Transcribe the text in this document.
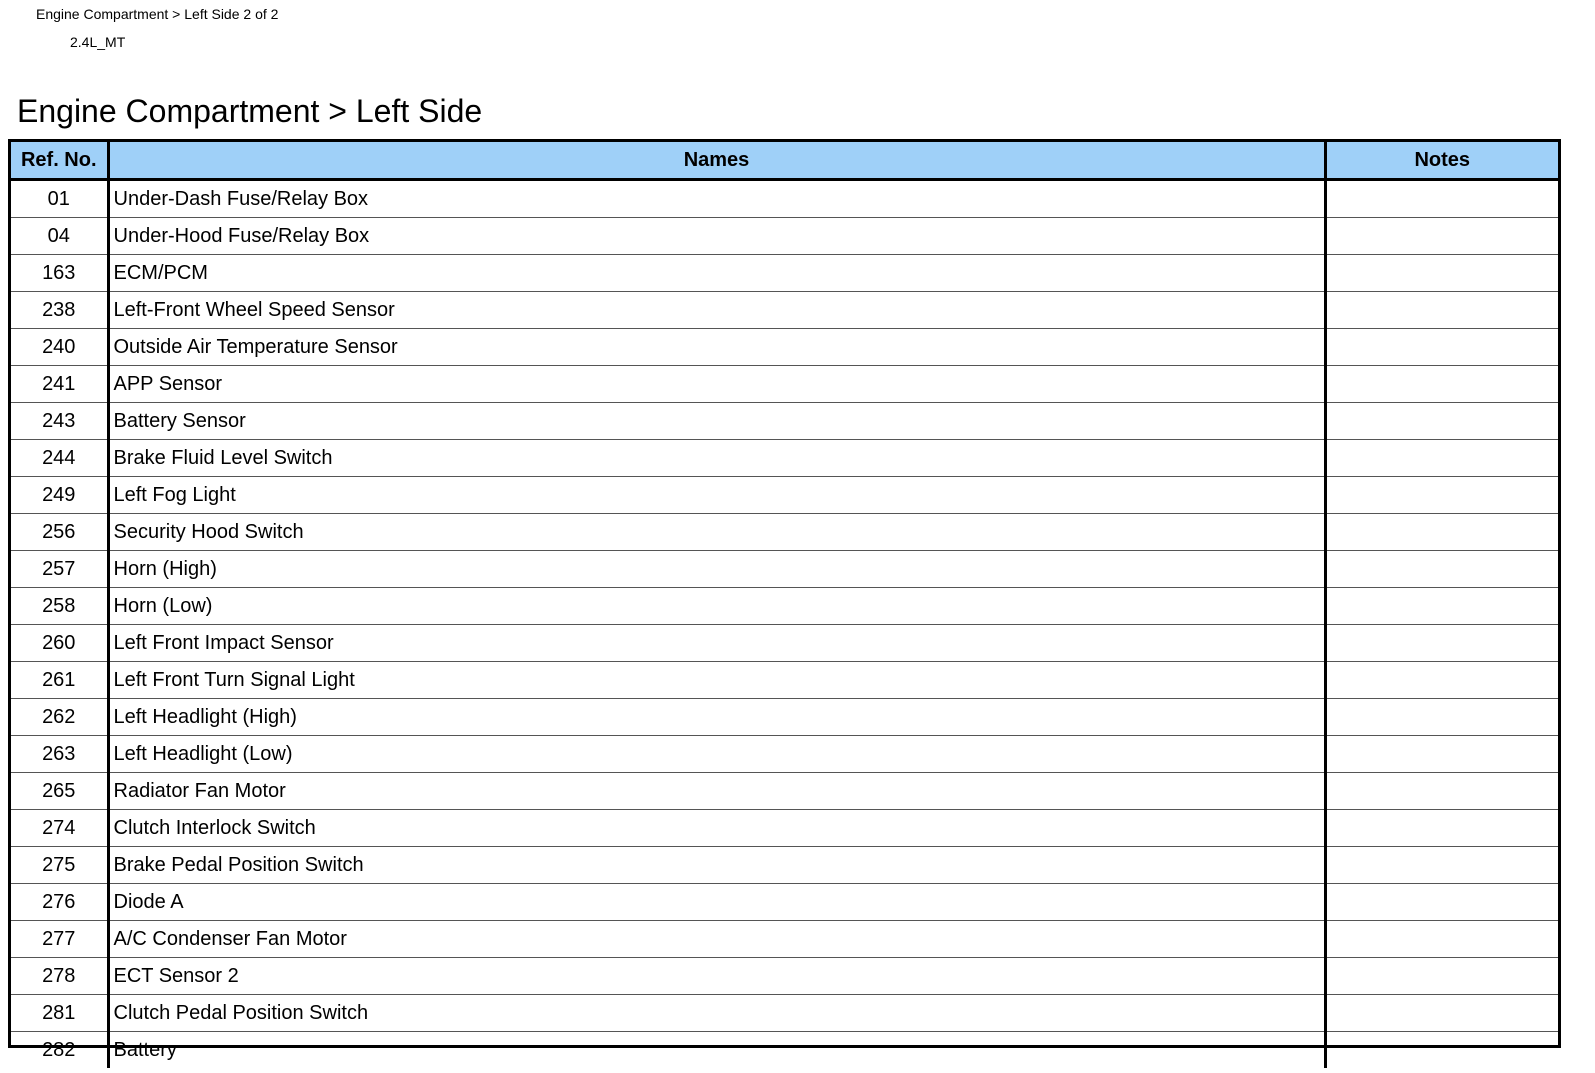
Engine Compartment > Left Side 2 of 2
2.4L_MT
Engine Compartment > Left Side
Ref. No.	Names	Notes
01	Under-Dash Fuse/Relay Box	
04	Under-Hood Fuse/Relay Box	
163	ECM/PCM	
238	Left-Front Wheel Speed Sensor	
240	Outside Air Temperature Sensor	
241	APP Sensor	
243	Battery Sensor	
244	Brake Fluid Level Switch	
249	Left Fog Light	
256	Security Hood Switch	
257	Horn (High)	
258	Horn (Low)	
260	Left Front Impact Sensor	
261	Left Front Turn Signal Light	
262	Left Headlight (High)	
263	Left Headlight (Low)	
265	Radiator Fan Motor	
274	Clutch Interlock Switch	
275	Brake Pedal Position Switch	
276	Diode A	
277	A/C Condenser Fan Motor	
278	ECT Sensor 2	
281	Clutch Pedal Position Switch	
282	Battery	
